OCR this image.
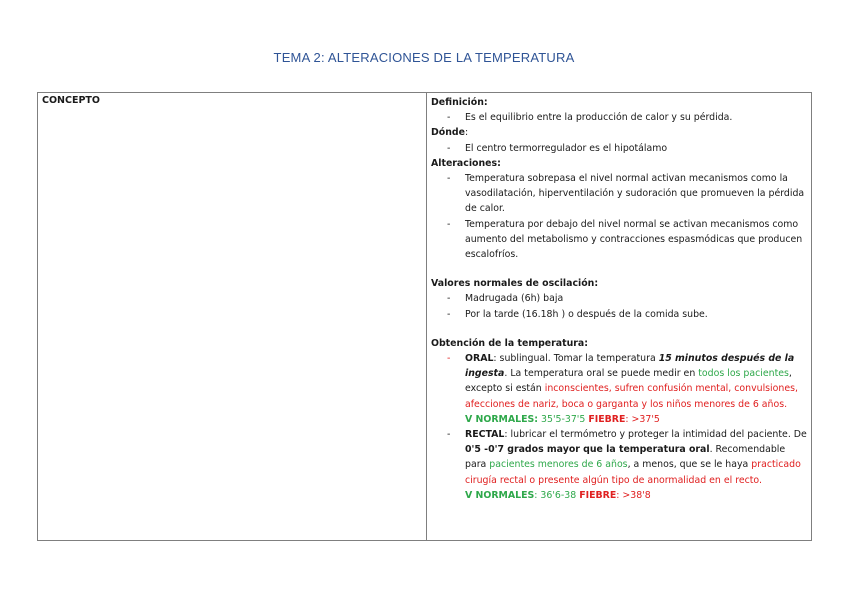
TEMA 2: ALTERACIONES DE LA TEMPERATURA
CONCEPTO	Definición:
- Es el equilibrio entre la producción de calor y su pérdida.
Dónde:
- El centro termorregulador es el hipotálamo
Alteraciones:
- Temperatura sobrepasa el nivel normal activan mecanismos como la vasodilatación, hiperventilación y sudoración que promueven la pérdida de calor.
- Temperatura por debajo del nivel normal se activan mecanismos como aumento del metabolismo y contracciones espasmódicas que producen escalofríos.
Valores normales de oscilación:
- Madrugada (6h) baja
- Por la tarde (16.18h ) o después de la comida sube.
Obtención de la temperatura:
- ORAL: sublingual. Tomar la temperatura 15 minutos después de la ingesta. La temperatura oral se puede medir en todos los pacientes, excepto si están inconscientes, sufren confusión mental, convulsiones, afecciones de nariz, boca o garganta y los niños menores de 6 años.
V NORMALES: 35'5-37'5 FIEBRE: >37'5
- RECTAL: lubricar el termómetro y proteger la intimidad del paciente. De 0'5 -0'7 grados mayor que la temperatura oral. Recomendable para pacientes menores de 6 años, a menos, que se le haya practicado cirugía rectal o presente algún tipo de anormalidad en el recto.
V NORMALES: 36'6-38 FIEBRE: >38'8
